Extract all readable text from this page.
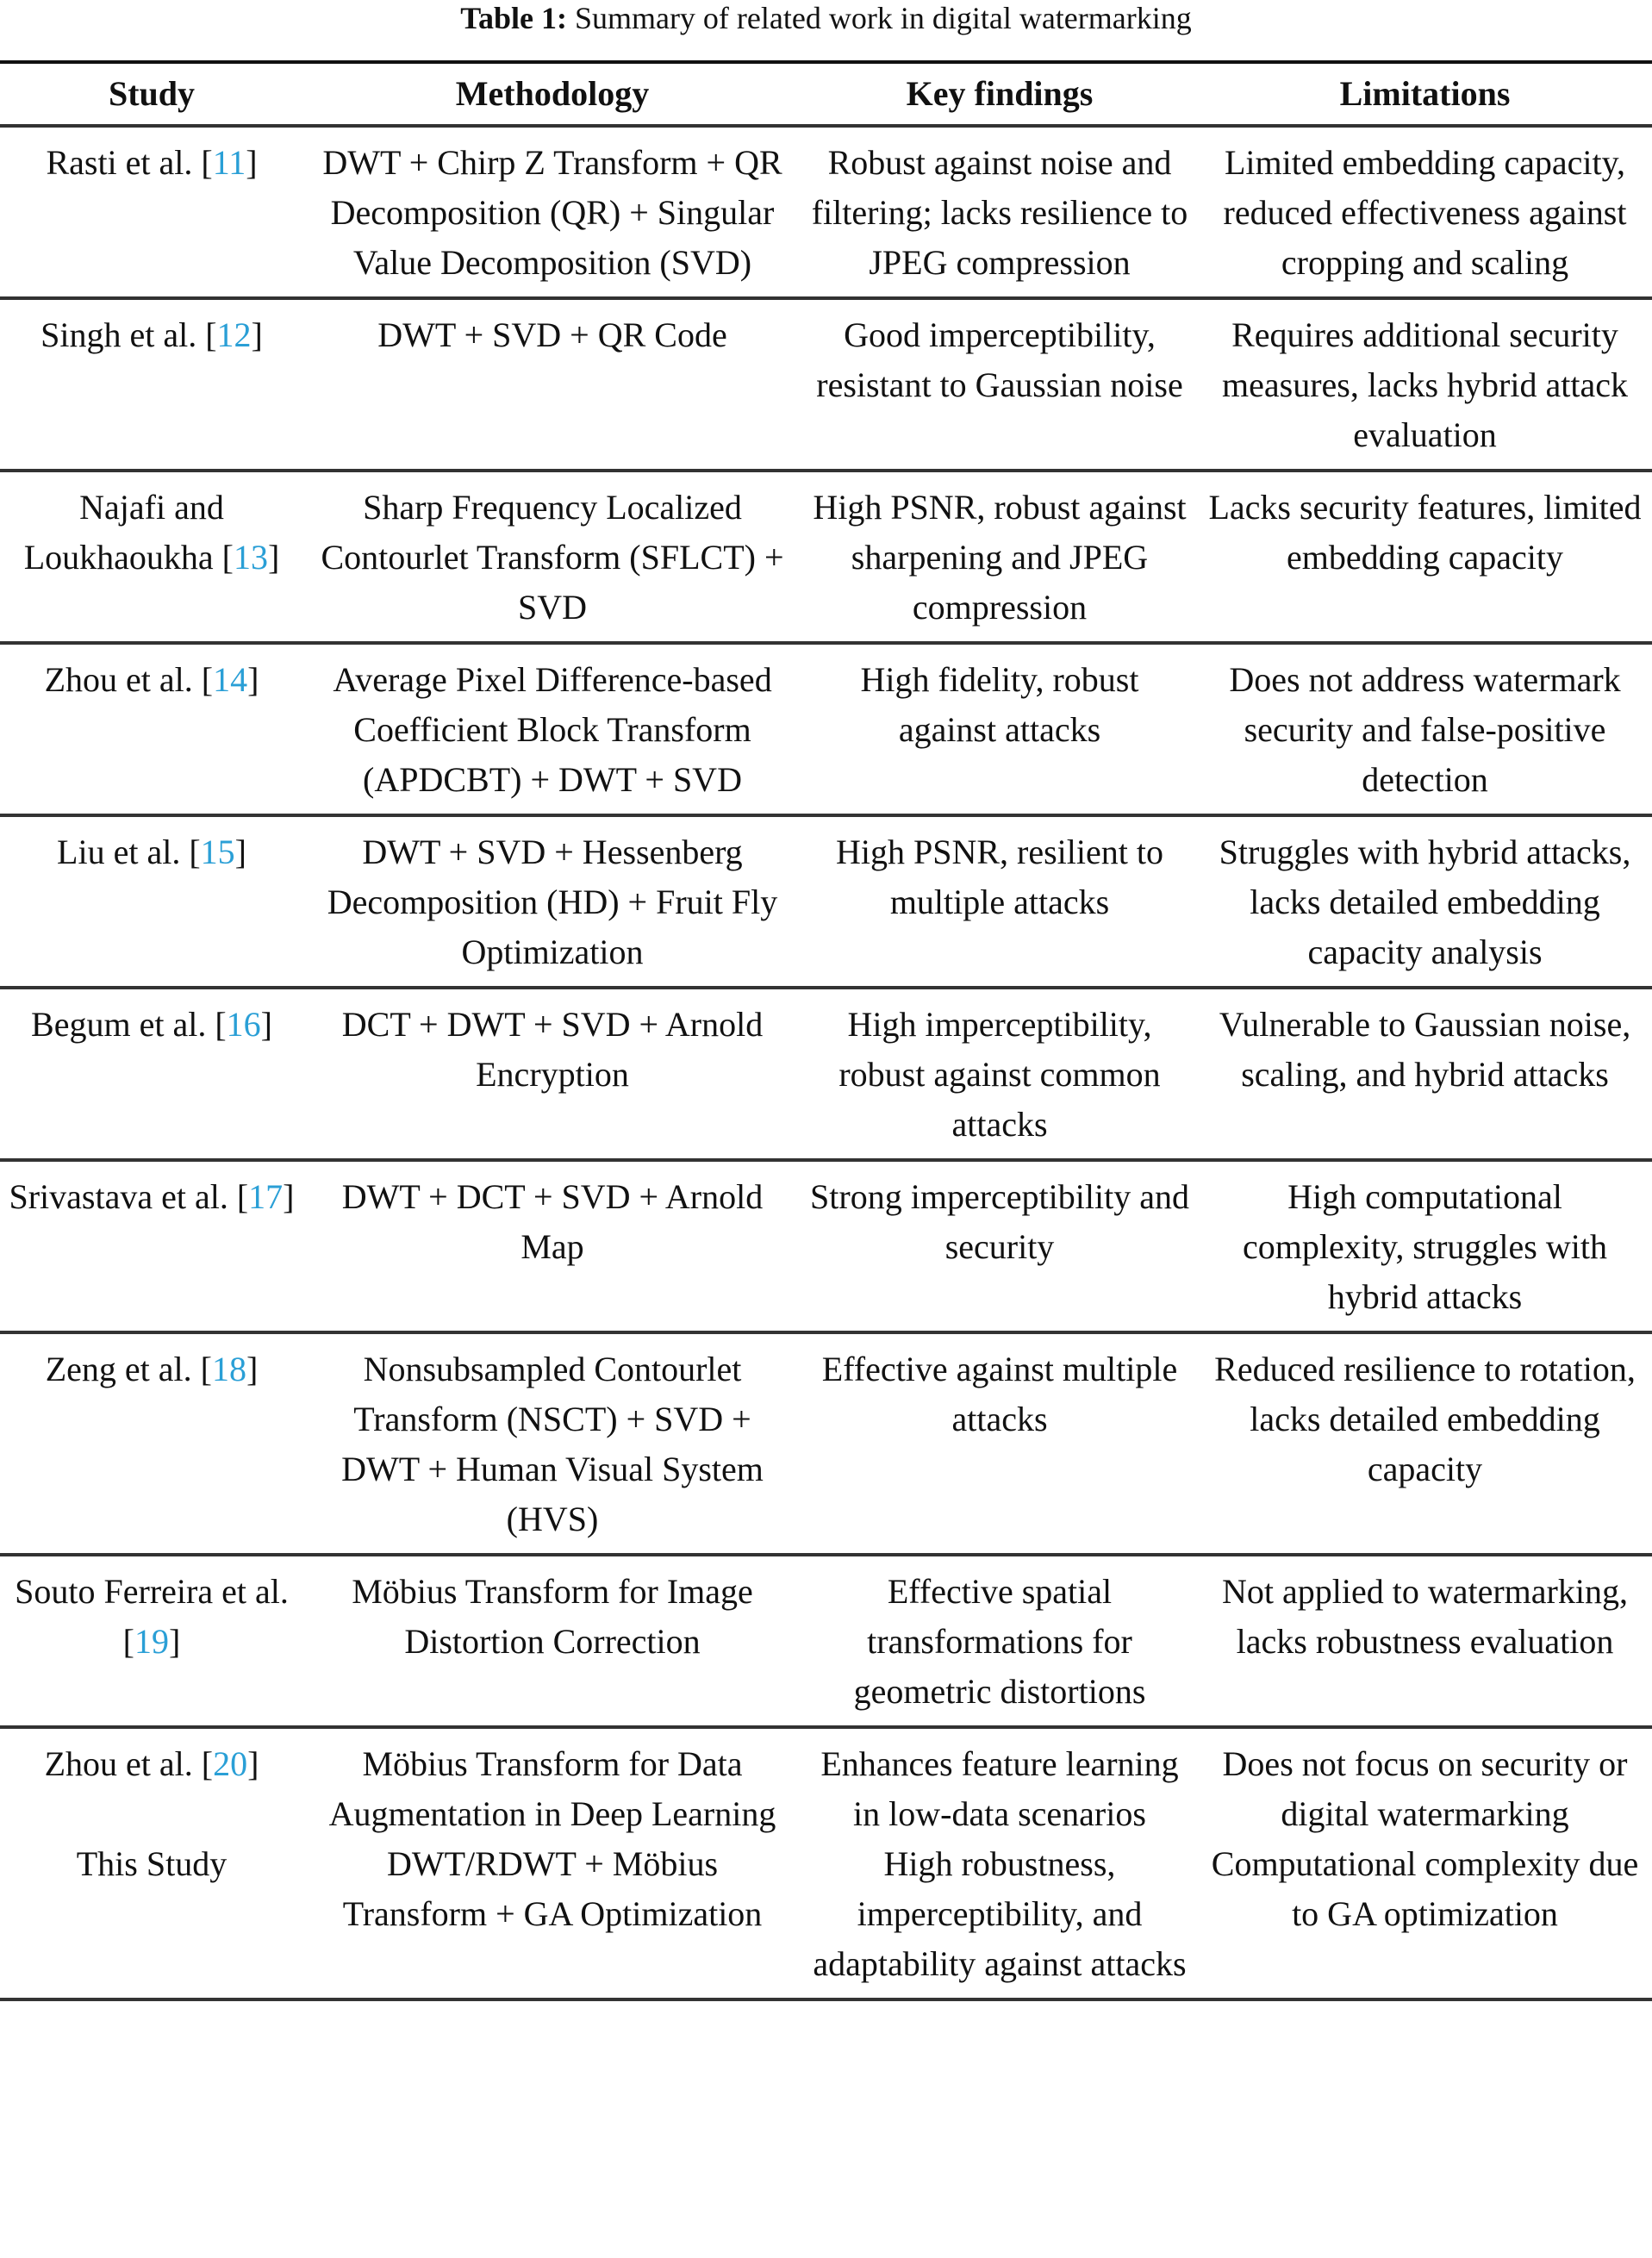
Table 1: Summary of related work in digital watermarking
Study	Methodology	Key findings	Limitations
Rasti et al. [11]	DWT + Chirp Z Transform + QR Decomposition (QR) + Singular Value Decomposition (SVD)	Robust against noise and filtering; lacks resilience to JPEG compression	Limited embedding capacity, reduced effectiveness against cropping and scaling
Singh et al. [12]	DWT + SVD + QR Code	Good imperceptibility, resistant to Gaussian noise	Requires additional security measures, lacks hybrid attack evaluation
Najafi and Loukhaoukha [13]	Sharp Frequency Localized Contourlet Transform (SFLCT) + SVD	High PSNR, robust against sharpening and JPEG compression	Lacks security features, limited embedding capacity
Zhou et al. [14]	Average Pixel Difference-based Coefficient Block Transform (APDCBT) + DWT + SVD	High fidelity, robust against attacks	Does not address watermark security and false-positive detection
Liu et al. [15]	DWT + SVD + Hessenberg Decomposition (HD) + Fruit Fly Optimization	High PSNR, resilient to multiple attacks	Struggles with hybrid attacks, lacks detailed embedding capacity analysis
Begum et al. [16]	DCT + DWT + SVD + Arnold Encryption	High imperceptibility, robust against common attacks	Vulnerable to Gaussian noise, scaling, and hybrid attacks
Srivastava et al. [17]	DWT + DCT + SVD + Arnold Map	Strong imperceptibility and security	High computational complexity, struggles with hybrid attacks
Zeng et al. [18]	Nonsubsampled Contourlet Transform (NSCT) + SVD + DWT + Human Visual System (HVS)	Effective against multiple attacks	Reduced resilience to rotation, lacks detailed embedding capacity
Souto Ferreira et al. [19]	Möbius Transform for Image Distortion Correction	Effective spatial transformations for geometric distortions	Not applied to watermarking, lacks robustness evaluation
Zhou et al. [20]	Möbius Transform for Data Augmentation in Deep Learning	Enhances feature learning in low-data scenarios	Does not focus on security or digital watermarking
This Study	DWT/RDWT + Möbius Transform + GA Optimization	High robustness, imperceptibility, and adaptability against attacks	Computational complexity due to GA optimization
